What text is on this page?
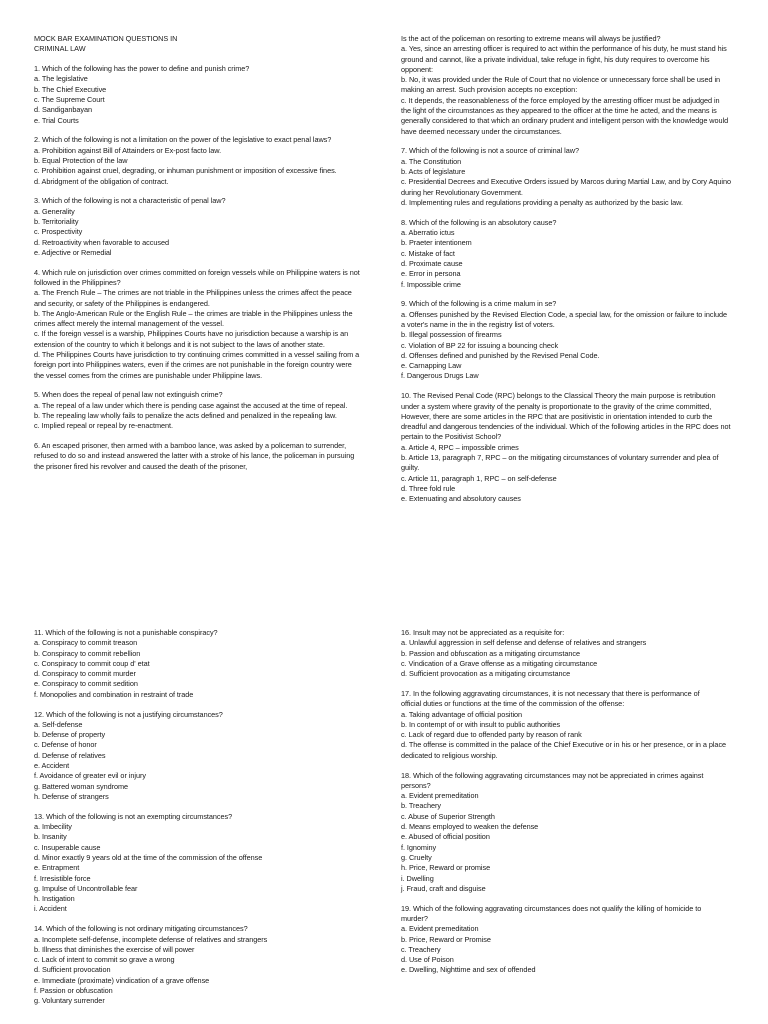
MOCK BAR EXAMINATION QUESTIONS IN
CRIMINAL LAW
1. Which of the following has the power to define and punish crime?
a. The legislative
b. The Chief Executive
c. The Supreme Court
d. Sandiganbayan
e. Trial Courts
2. Which of the following is not a limitation on the power of the legislative to exact penal laws?
a. Prohibition against Bill of Attainders or Ex-post facto law.
b. Equal Protection of the law
c. Prohibition against cruel, degrading, or inhuman punishment or imposition of excessive fines.
d. Abridgment of the obligation of contract.
3. Which of the following is not a characteristic of penal law?
a. Generality
b. Territoriality
c. Prospectivity
d. Retroactivity when favorable to accused
e. Adjective or Remedial
4. Which rule on jurisdiction over crimes committed on foreign vessels while on Philippine waters is not followed in the Philippines?
a. The French Rule – The crimes are not triable in the Philippines unless the crimes affect the peace and security, or safety of the Philippines is endangered.
b. The Anglo-American Rule or the English Rule – the crimes are triable in the Philippines unless the crimes affect merely the internal management of the vessel.
c. If the foreign vessel is a warship, Philippines Courts have no jurisdiction because a warship is an extension of the country to which it belongs and it is not subject to the laws of another state.
d. The Philippines Courts have jurisdiction to try continuing crimes committed in a vessel sailing from a foreign port into Philippines waters, even if the crimes are not punishable in the foreign country were the vessel comes from the crimes are punishable under Philippine laws.
5. When does the repeal of penal law not extinguish crime?
a. The repeal of a law under which there is pending case against the accused at the time of repeal.
b. The repealing law wholly fails to penalize the acts defined and penalized in the repealing law.
c. Implied repeal or repeal by re-enactment.
6. An escaped prisoner, then armed with a bamboo lance, was asked by a policeman to surrender, refused to do so and instead answered the latter with a stroke of his lance, the policeman in pursuing the prisoner fired his revolver and caused the death of the prisoner,
Is the act of the policeman on resorting to extreme means will always be justified?
a. Yes, since an arresting officer is required to act within the performance of his duty, he must stand his ground and cannot, like a private individual, take refuge in fight, his duty requires to overcome his opponent:
b. No, it was provided under the Rule of Court that no violence or unnecessary force shall be used in making an arrest. Such provision accepts no exception:
c. It depends, the reasonableness of the force employed by the arresting officer must be adjudged in the light of the circumstances as they appeared to the officer at the time he acted, and the means is generally considered to that which an ordinary prudent and intelligent person with the knowledge would have deemed necessary under the circumstances.
7. Which of the following is not a source of criminal law?
a. The Constitution
b. Acts of legislature
c. Presidential Decrees and Executive Orders issued by Marcos during Martial Law, and by Cory Aquino during her Revolutionary Government.
d. Implementing rules and regulations providing a penalty as authorized by the basic law.
8. Which of the following is an absolutory cause?
a. Aberratio ictus
b. Praeter intentionem
c. Mistake of fact
d. Proximate cause
e. Error in persona
f. Impossible crime
9. Which of the following is a crime malum in se?
a. Offenses punished by the Revised Election Code, a special law, for the omission or failure to include a voter's name in the in the registry list of voters.
b. Illegal possession of firearms
c. Violation of BP 22 for issuing a bouncing check
d. Offenses defined and punished by the Revised Penal Code.
e. Carnapping Law
f. Dangerous Drugs Law
10. The Revised Penal Code (RPC) belongs to the Classical Theory the main purpose is retribution under a system where gravity of the penalty is proportionate to the gravity of the crime committed, However, there are some articles in the RPC that are positivistic in orientation intended to curb the dreadful and dangerous tendencies of the individual. Which of the following articles in the RPC does not pertain to the Positivist School?
a. Article 4, RPC – impossible crimes
b. Article 13, paragraph 7, RPC – on the mitigating circumstances of voluntary surrender and plea of guilty.
c. Article 11, paragraph 1, RPC – on self-defense
d. Three fold rule
e. Extenuating and absolutory causes
11. Which of the following is not a punishable conspiracy?
a. Conspiracy to commit treason
b. Conspiracy to commit rebellion
c. Conspiracy to commit coup d' etat
d. Conspiracy to commit murder
e. Conspiracy to commit sedition
f. Monopolies and combination in restraint of trade
12. Which of the following is not a justifying circumstances?
a. Self-defense
b. Defense of property
c. Defense of honor
d. Defense of relatives
e. Accident
f. Avoidance of greater evil or injury
g. Battered woman syndrome
h. Defense of strangers
13. Which of the following is not an exempting circumstances?
a. Imbecility
b. Insanity
c. Insuperable cause
d. Minor exactly 9 years old at the time of the commission of the offense
e. Entrapment
f. Irresistible force
g. Impulse of Uncontrollable fear
h. Instigation
i. Accident
14. Which of the following is not ordinary mitigating circumstances?
a. Incomplete self-defense, incomplete defense of relatives and strangers
b. Illness that diminishes the exercise of will power
c. Lack of intent to commit so grave a wrong
d. Sufficient provocation
e. Immediate (proximate) vindication of a grave offense
f. Passion or obfuscation
g. Voluntary surrender
16. Insult may not be appreciated as a requisite for:
a. Unlawful aggression in self defense and defense of relatives and strangers
b. Passion and obfuscation as a mitigating circumstance
c. Vindication of a Grave offense as a mitigating circumstance
d. Sufficient provocation as a mitigating circumstance
17. In the following aggravating circumstances, it is not necessary that there is performance of
official duties or functions at the time of the commission of the offense:
a. Taking advantage of official position
b. In contempt of or with insult to public authorities
c. Lack of regard due to offended party by reason of rank
d. The offense is committed in the palace of the Chief Executive or in his or her presence, or in a place dedicated to religious worship.
18. Which of the following aggravating circumstances may not be appreciated in crimes against
persons?
a. Evident premeditation
b. Treachery
c. Abuse of Superior Strength
d. Means employed to weaken the defense
e. Abused of official position
f. Ignominy
g. Cruelty
h. Price, Reward or promise
i. Dwelling
j. Fraud, craft and disguise
19. Which of the following aggravating circumstances does not qualify the killing of homicide to
murder?
a. Evident premeditation
b. Price, Reward or Promise
c. Treachery
d. Use of Poison
e. Dwelling, Nighttime and sex of offended
